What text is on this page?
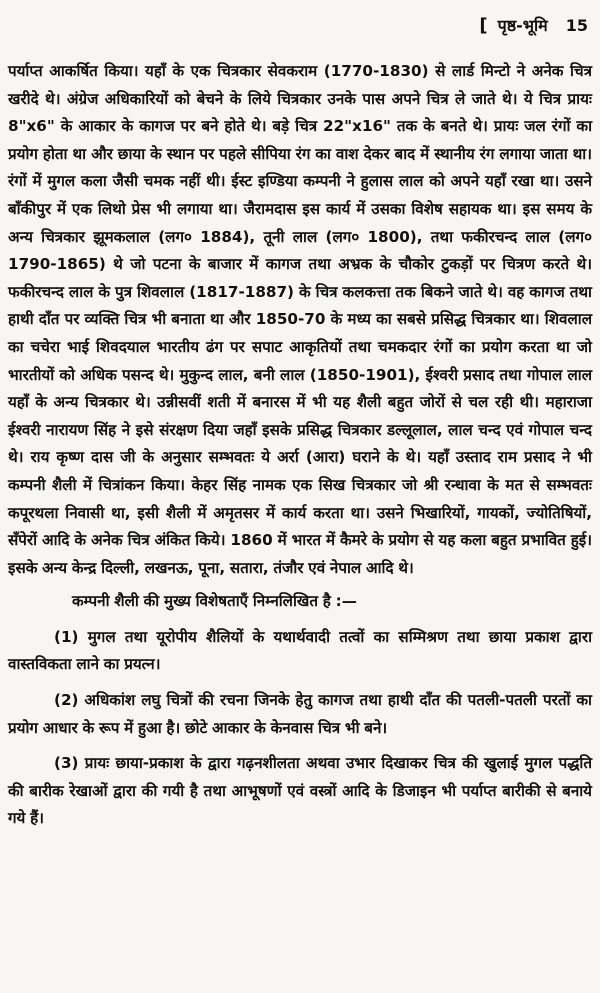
[ पृष्ठ-भूमि 15

पर्याप्त आकर्षित किया। यहाँ के एक चित्रकार सेवकराम (1770-1830) से लार्ड मिन्टो ने अनेक चित्र खरीदे थे। अंग्रेज अधिकारियों को बेचने के लिये चित्रकार उनके पास अपने चित्र ले जाते थे। ये चित्र प्रायः 8"x6" के आकार के कागज पर बने होते थे। बड़े चित्र 22"x16" तक के बनते थे। प्रायः जल रंगों का प्रयोग होता था और छाया के स्थान पर पहले सीपिया रंग का वाश देकर बाद में स्थानीय रंग लगाया जाता था। रंगों में मुगल कला जैसी चमक नहीं थी। ईस्ट इण्डिया कम्पनी ने हुलास लाल को अपने यहाँ रखा था। उसने बाँकीपुर में एक लिथो प्रेस भी लगाया था। जैरामदास इस कार्य में उसका विशेष सहायक था। इस समय के अन्य चित्रकार झूमकलाल (लग० 1884), तूनी लाल (लग० 1800), तथा फकीरचन्द लाल (लग० 1790-1865) थे जो पटना के बाजार में कागज तथा अभ्रक के चौकोर टुकड़ों पर चित्रण करते थे। फकीरचन्द लाल के पुत्र शिवलाल (1817-1887) के चित्र कलकत्ता तक बिकने जाते थे। वह कागज तथा हाथी दाँत पर व्यक्ति चित्र भी बनाता था और 1850-70 के मध्य का सबसे प्रसिद्ध चित्रकार था। शिवलाल का चचेरा भाई शिवदयाल भारतीय ढंग पर सपाट आकृतियों तथा चमकदार रंगों का प्रयोग करता था जो भारतीयों को अधिक पसन्द थे। मुकुन्द लाल, बनी लाल (1850-1901), ईश्वरी प्रसाद तथा गोपाल लाल यहाँ के अन्य चित्रकार थे। उन्नीसवीं शती में बनारस में भी यह शैली बहुत जोरों से चल रही थी। महाराजा ईश्वरी नारायण सिंह ने इसे संरक्षण दिया जहाँ इसके प्रसिद्ध चित्रकार डल्लूलाल, लाल चन्द एवं गोपाल चन्द थे। राय कृष्ण दास जी के अनुसार सम्भवतः ये अर्रा (आरा) घराने के थे। यहाँ उस्ताद राम प्रसाद ने भी कम्पनी शैली में चित्रांकन किया। केहर सिंह नामक एक सिख चित्रकार जो श्री रन्धावा के मत से सम्भवतः कपूरथला निवासी था, इसी शैली में अमृतसर में कार्य करता था। उसने भिखारियों, गायकों, ज्योतिषियों, सँपेरों आदि के अनेक चित्र अंकित किये। 1860 में भारत में कैमरे के प्रयोग से यह कला बहुत प्रभावित हुई। इसके अन्य केन्द्र दिल्ली, लखनऊ, पूना, सतारा, तंजौर एवं नेपाल आदि थे।

कम्पनी शैली की मुख्य विशेषताएँ निम्नलिखित है :—

(1) मुगल तथा यूरोपीय शैलियों के यथार्थवादी तत्वों का सम्मिश्रण तथा छाया प्रकाश द्वारा वास्तविकता लाने का प्रयत्न।

(2) अधिकांश लघु चित्रों की रचना जिनके हेतु कागज तथा हाथी दाँत की पतली-पतली परतों का प्रयोग आधार के रूप में हुआ है। छोटे आकार के केनवास चित्र भी बने।

(3) प्रायः छाया-प्रकाश के द्वारा गढ़नशीलता अथवा उभार दिखाकर चित्र की खुलाई मुगल पद्धति की बारीक रेखाओं द्वारा की गयी है तथा आभूषणों एवं वस्त्रों आदि के डिजाइन भी पर्याप्त बारीकी से बनाये गये हैं।
